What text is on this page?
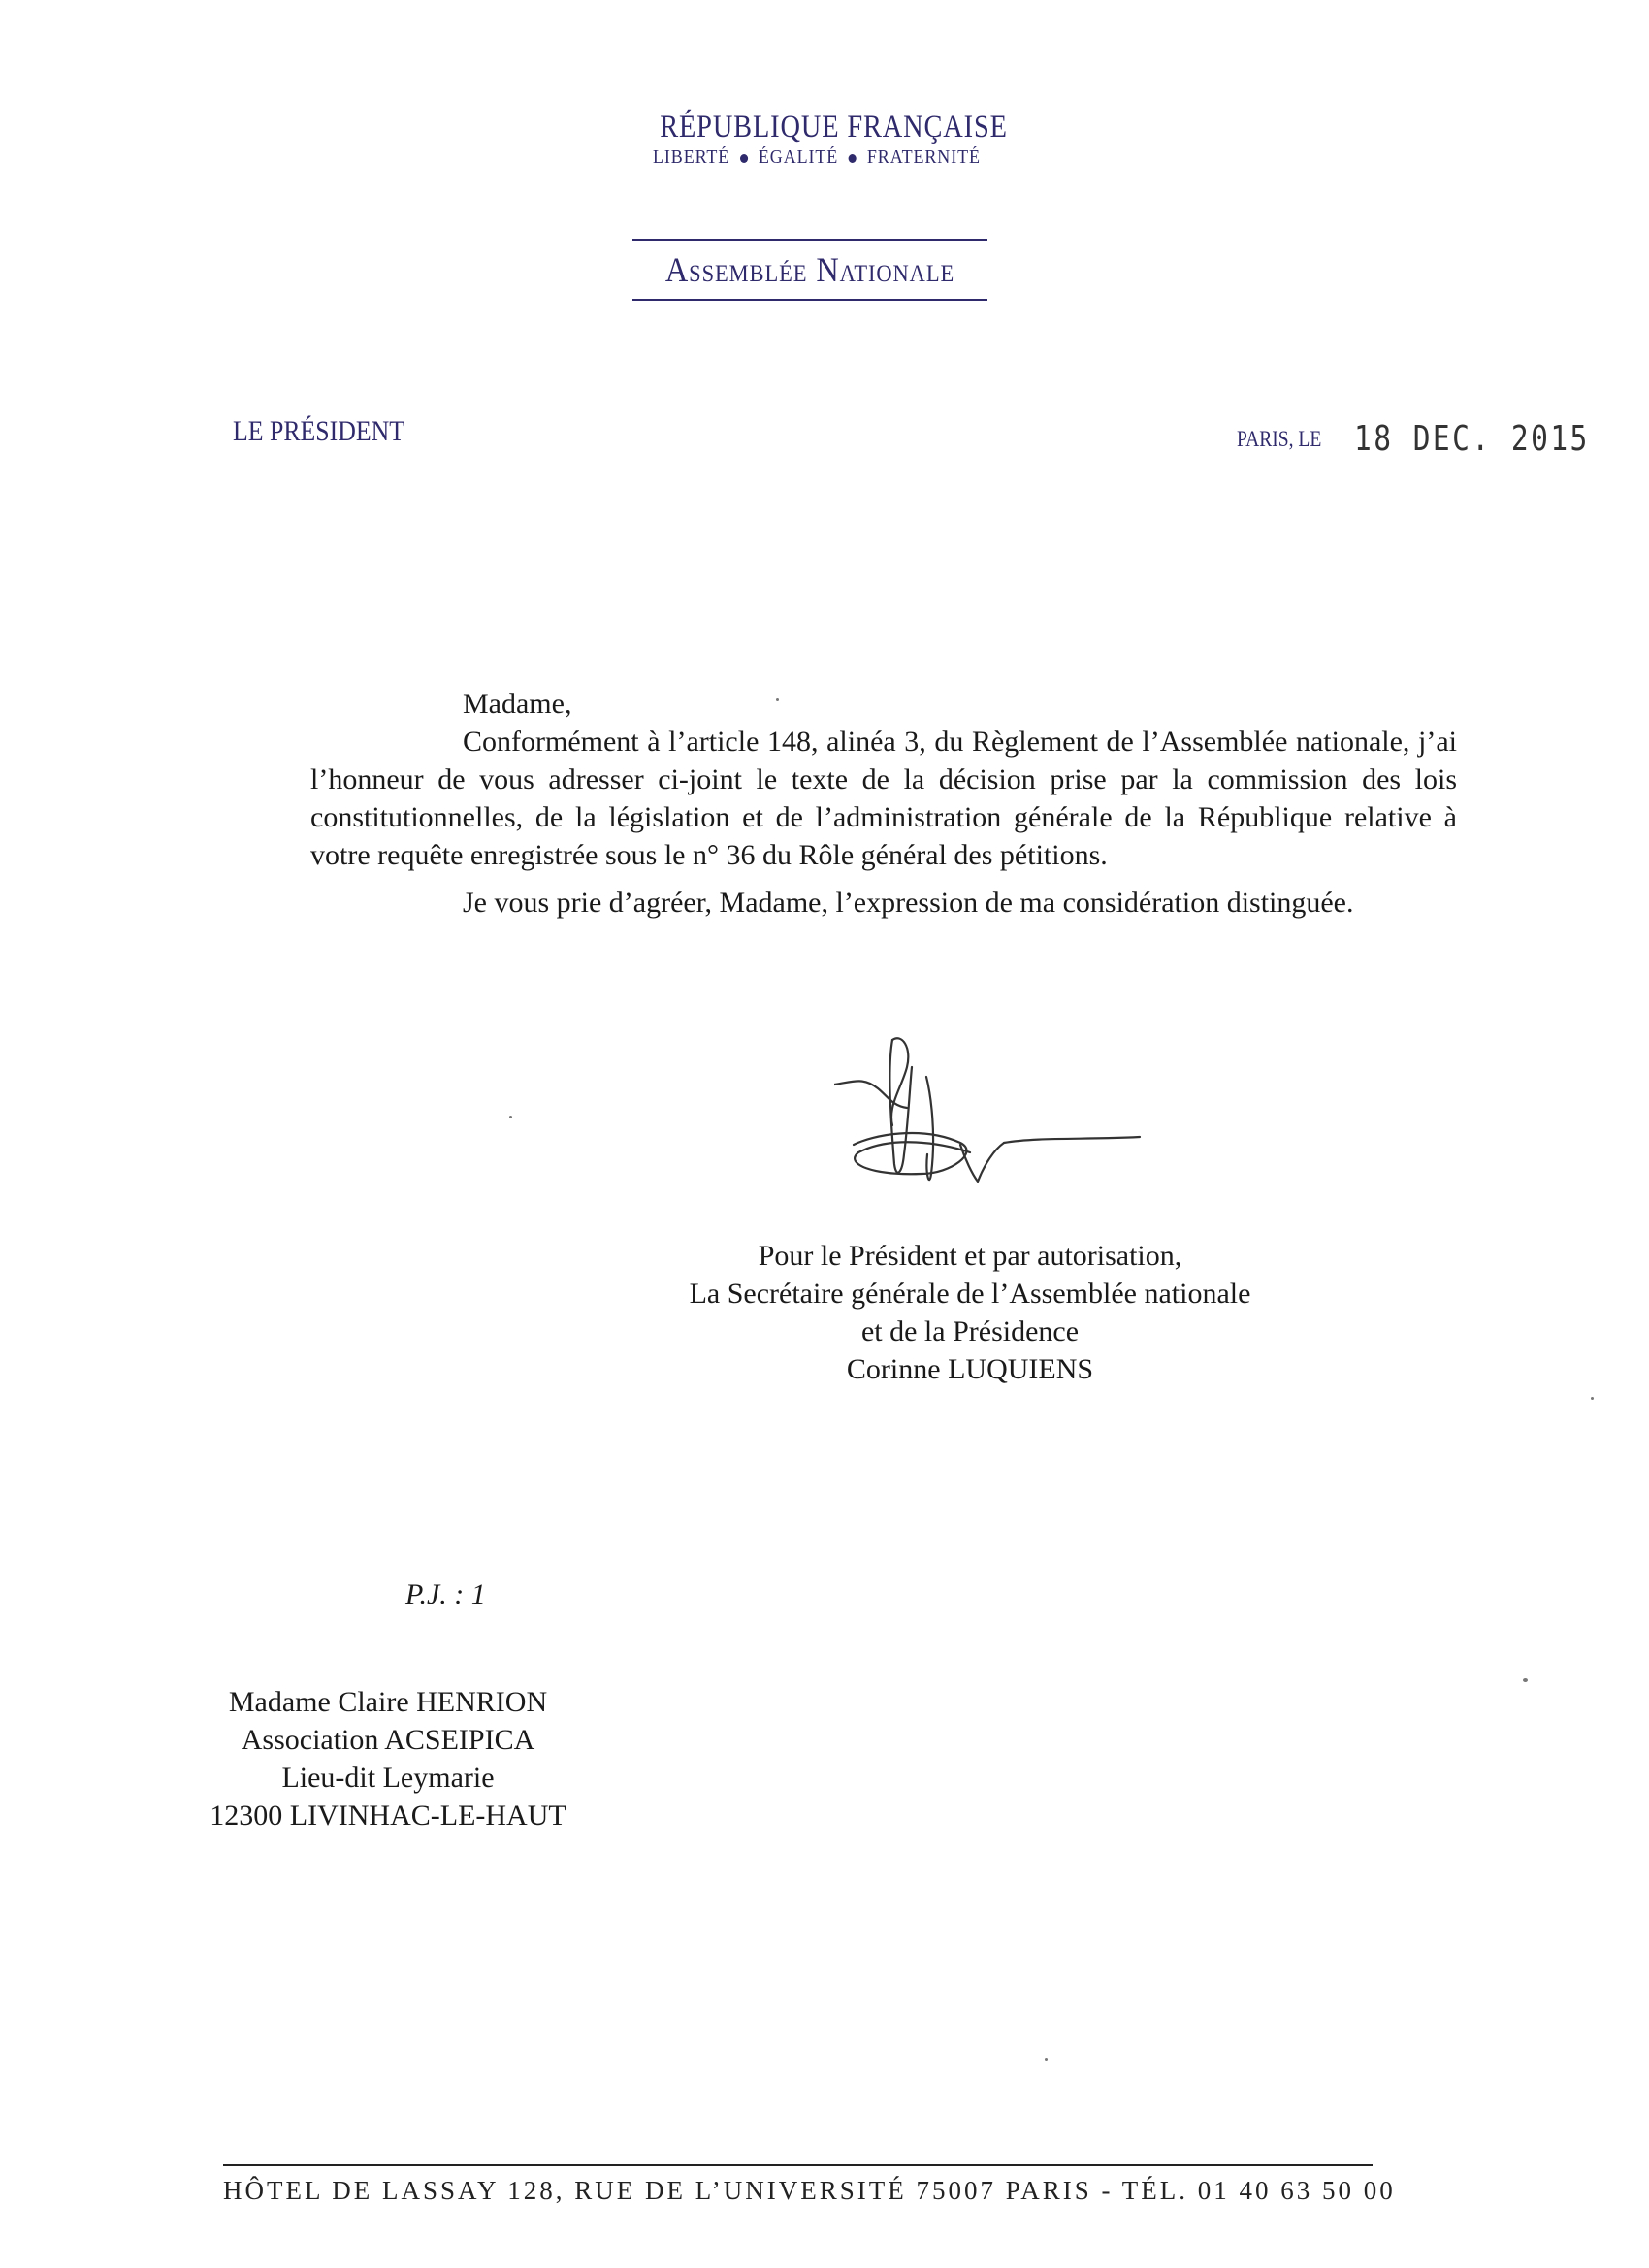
RÉPUBLIQUE FRANÇAISE
LIBERTÉ ÉGALITÉ FRATERNITÉ
Assemblée Nationale
LE PRÉSIDENT	PARIS, LE 18 DEC. 2015
Madame,

Conformément à l’article 148, alinéa 3, du Règlement de l’Assemblée nationale, j’ai l’honneur de vous adresser ci-joint le texte de la décision prise par la commission des lois constitutionnelles, de la législation et de l’administration générale de la République relative à votre requête enregistrée sous le n° 36 du Rôle général des pétitions.

Je vous prie d’agréer, Madame, l’expression de ma considération distinguée.
Pour le Président et par autorisation,
La Secrétaire générale de l’Assemblée nationale
et de la Présidence
Corinne LUQUIENS
P.J. : 1
Madame Claire HENRION
Association ACSEIPICA
Lieu-dit Leymarie
12300 LIVINHAC-LE-HAUT
HÔTEL DE LASSAY 128, RUE DE L’UNIVERSITÉ 75007 PARIS - TÉL. 01 40 63 50 00
